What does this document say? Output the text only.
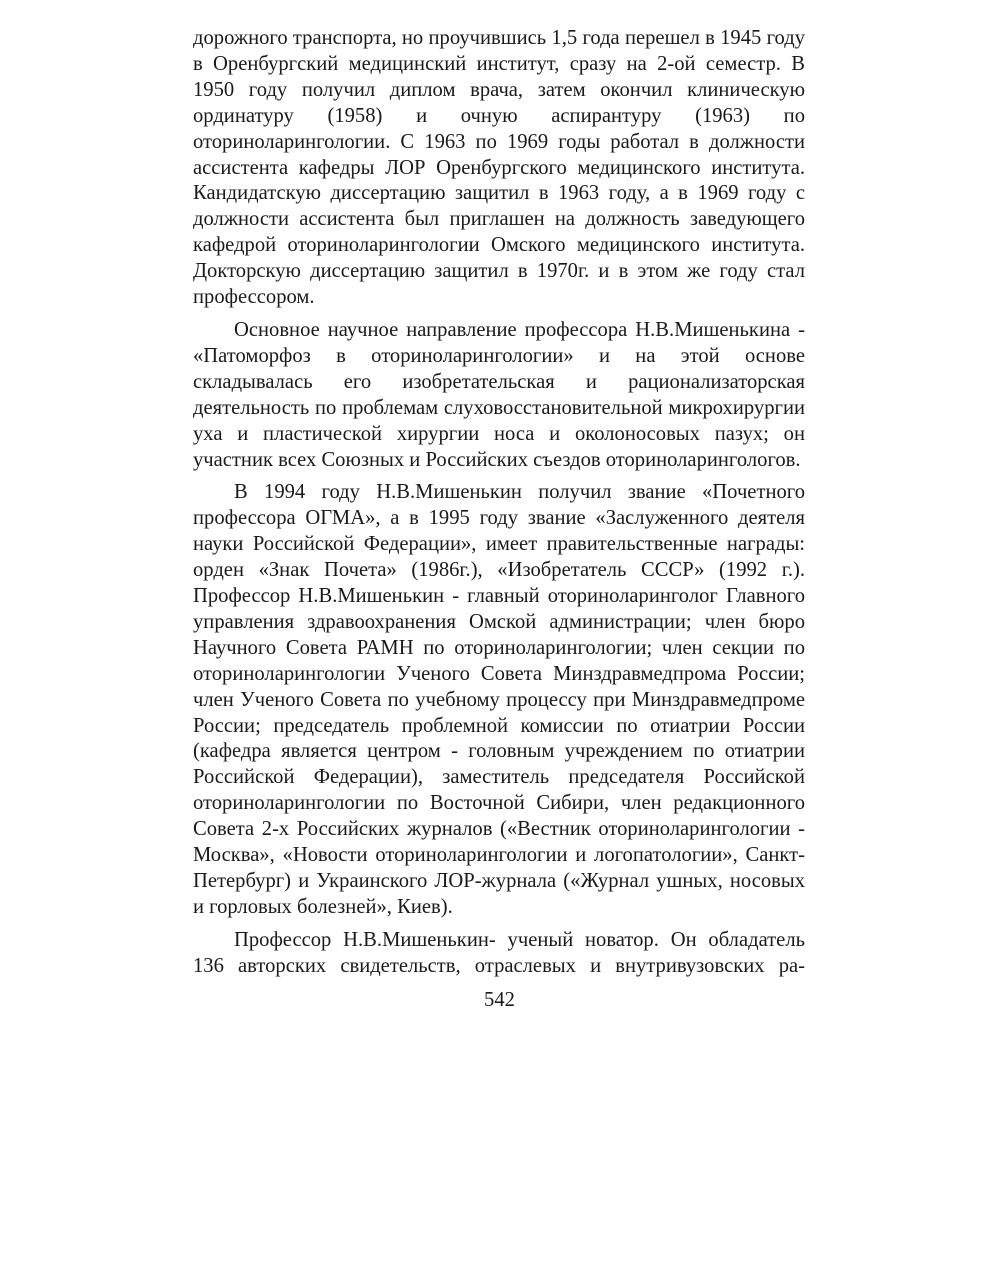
дорожного транспорта, но проучившись 1,5 года перешел в 1945 году в Оренбургский медицинский институт, сразу на 2-ой семестр. В 1950 году получил диплом врача, затем окончил клиническую ординатуру (1958) и очную аспирантуру (1963) по оториноларингологии. С 1963 по 1969 годы работал в должности ассистента кафедры ЛОР Оренбургского медицинского института. Кандидатскую диссертацию защитил в 1963 году, а в 1969 году с должности ассистента был приглашен на должность заведующего кафедрой оториноларингологии Омского медицинского института. Докторскую диссертацию защитил в 1970г. и в этом же году стал профессором.

Основное научное направление профессора Н.В.Мишенькина - «Патоморфоз в оториноларингологии» и на этой основе складывалась его изобретательская и рационализаторская деятельность по проблемам слуховосстановительной микрохирургии уха и пластической хирургии носа и околоносовых пазух; он участник всех Союзных и Российских съездов оториноларингологов.

В 1994 году Н.В.Мишенькин получил звание «Почетного профессора ОГМА», а в 1995 году звание «Заслуженного деятеля науки Российской Федерации», имеет правительственные награды: орден «Знак Почета» (1986г.), «Изобретатель СССР» (1992 г.). Профессор Н.В.Мишенькин - главный оториноларинголог Главного управления здравоохранения Омской администрации; член бюро Научного Совета РАМН по оториноларингологии; член секции по оториноларингологии Ученого Совета Минздравмедпрома России; член Ученого Совета по учебному процессу при Минздравмедпроме России; председатель проблемной комиссии по отиатрии России (кафедра является центром - головным учреждением по отиатрии Российской Федерации), заместитель председателя Российской оториноларингологии по Восточной Сибири, член редакционного Совета 2-х Российских журналов («Вестник оториноларингологии - Москва», «Новости оториноларингологии и логопатологии», Санкт-Петербург) и Украинского ЛОР-журнала («Журнал ушных, носовых и горловых болезней», Киев).

Профессор Н.В.Мишенькин- ученый новатор. Он обладатель 136 авторских свидетельств, отраслевых и внутривузовских ра-

542
